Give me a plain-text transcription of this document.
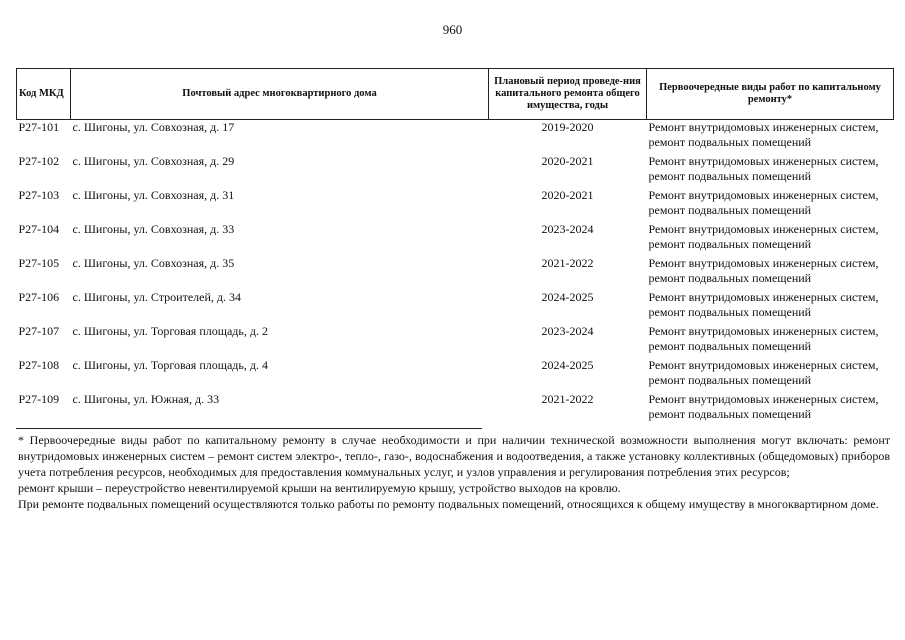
960
Код МКД	Почтовый адрес многоквартирного дома	Плановый период проведе-ния капитального ремонта общего имущества, годы	Первоочередные виды работ по капитальному ремонту*
P27-101	с. Шигоны, ул. Совхозная, д. 17	2019-2020	Ремонт внутридомовых инженерных систем,
ремонт подвальных помещений

P27-102	с. Шигоны, ул. Совхозная, д. 29	2020-2021	Ремонт внутридомовых инженерных систем,
ремонт подвальных помещений

P27-103	с. Шигоны, ул. Совхозная, д. 31	2020-2021	Ремонт внутридомовых инженерных систем,
ремонт подвальных помещений

P27-104	с. Шигоны, ул. Совхозная, д. 33	2023-2024	Ремонт внутридомовых инженерных систем,
ремонт подвальных помещений

P27-105	с. Шигоны, ул. Совхозная, д. 35	2021-2022	Ремонт внутридомовых инженерных систем,
ремонт подвальных помещений

P27-106	с. Шигоны, ул. Строителей, д. 34	2024-2025	Ремонт внутридомовых инженерных систем,
ремонт подвальных помещений

P27-107	с. Шигоны, ул. Торговая площадь, д. 2	2023-2024	Ремонт внутридомовых инженерных систем,
ремонт подвальных помещений

P27-108	с. Шигоны, ул. Торговая площадь, д. 4	2024-2025	Ремонт внутридомовых инженерных систем,
ремонт подвальных помещений

P27-109	с. Шигоны, ул. Южная, д. 33	2021-2022	Ремонт внутридомовых инженерных систем,
ремонт подвальных помещений

* Первоочередные виды работ по капитальному ремонту в случае необходимости и при наличии технической возможности выполнения могут включать: ремонт внутридомовых инженерных систем – ремонт систем электро-, тепло-, газо-, водоснабжения и водоотведения, а также установку коллективных (общедомовых) приборов учета потребления ресурсов, необходимых для предоставления коммунальных услуг, и узлов управления и регулирования потребления этих ресурсов;

ремонт крыши – переустройство невентилируемой крыши на вентилируемую крышу, устройство выходов на кровлю.

При ремонте подвальных помещений осуществляются только работы по ремонту подвальных помещений, относящихся к общему имуществу в многоквартирном доме.
